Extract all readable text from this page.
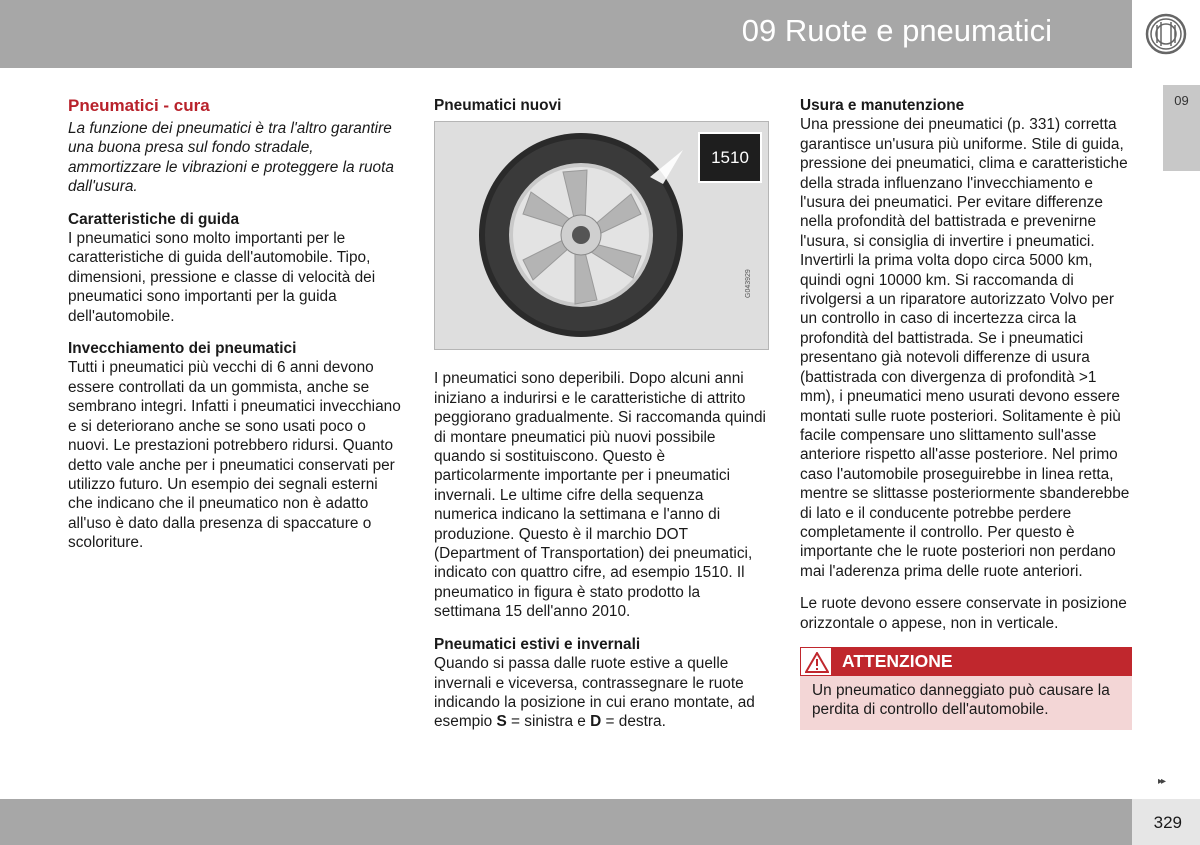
09 Ruote e pneumatici
09
Pneumatici - cura

La funzione dei pneumatici è tra l'altro garantire una buona presa sul fondo stradale, ammortizzare le vibrazioni e proteggere la ruota dall'usura.

Caratteristiche di guida

I pneumatici sono molto importanti per le caratteristiche di guida dell'automobile. Tipo, dimensioni, pressione e classe di velocità dei pneumatici sono importanti per la guida dell'automobile.

Invecchiamento dei pneumatici

Tutti i pneumatici più vecchi di 6 anni devono essere controllati da un gommista, anche se sembrano integri. Infatti i pneumatici invecchiano e si deteriorano anche se sono usati poco o nuovi. Le prestazioni potrebbero ridursi. Quanto detto vale anche per i pneumatici conservati per utilizzo futuro. Un esempio dei segnali esterni che indicano che il pneumatico non è adatto all'uso è dato dalla presenza di spaccature o scoloriture.

Pneumatici nuovi
1510
G043929

I pneumatici sono deperibili. Dopo alcuni anni iniziano a indurirsi e le caratteristiche di attrito peggiorano gradualmente. Si raccomanda quindi di montare pneumatici più nuovi possibile quando si sostituiscono. Questo è particolarmente importante per i pneumatici invernali. Le ultime cifre della sequenza numerica indicano la settimana e l'anno di produzione. Questo è il marchio DOT (Department of Transportation) dei pneumatici, indicato con quattro cifre, ad esempio 1510. Il pneumatico in figura è stato prodotto la settimana 15 dell'anno 2010.

Pneumatici estivi e invernali

Quando si passa dalle ruote estive a quelle invernali e viceversa, contrassegnare le ruote indicando la posizione in cui erano montate, ad esempio S = sinistra e D = destra.

Usura e manutenzione

Una pressione dei pneumatici (p. 331) corretta garantisce un'usura più uniforme. Stile di guida, pressione dei pneumatici, clima e caratteristiche della strada influenzano l'invecchiamento e l'usura dei pneumatici. Per evitare differenze nella profondità del battistrada e prevenirne l'usura, si consiglia di invertire i pneumatici. Invertirli la prima volta dopo circa 5000 km, quindi ogni 10000 km. Si raccomanda di rivolgersi a un riparatore autorizzato Volvo per un controllo in caso di incertezza circa la profondità del battistrada. Se i pneumatici presentano già notevoli differenze di usura (battistrada con divergenza di profondità >1 mm), i pneumatici meno usurati devono essere montati sulle ruote posteriori. Solitamente è più facile compensare uno slittamento sull'asse anteriore rispetto all'asse posteriore. Nel primo caso l'automobile proseguirebbe in linea retta, mentre se slittasse posteriormente sbanderebbe di lato e il conducente potrebbe perdere completamente il controllo. Per questo è importante che le ruote posteriori non perdano mai l'aderenza prima delle ruote anteriori.

Le ruote devono essere conservate in posizione orizzontale o appese, non in verticale.

ATTENZIONE
Un pneumatico danneggiato può causare la perdita di controllo dell'automobile.
▸▸
329
